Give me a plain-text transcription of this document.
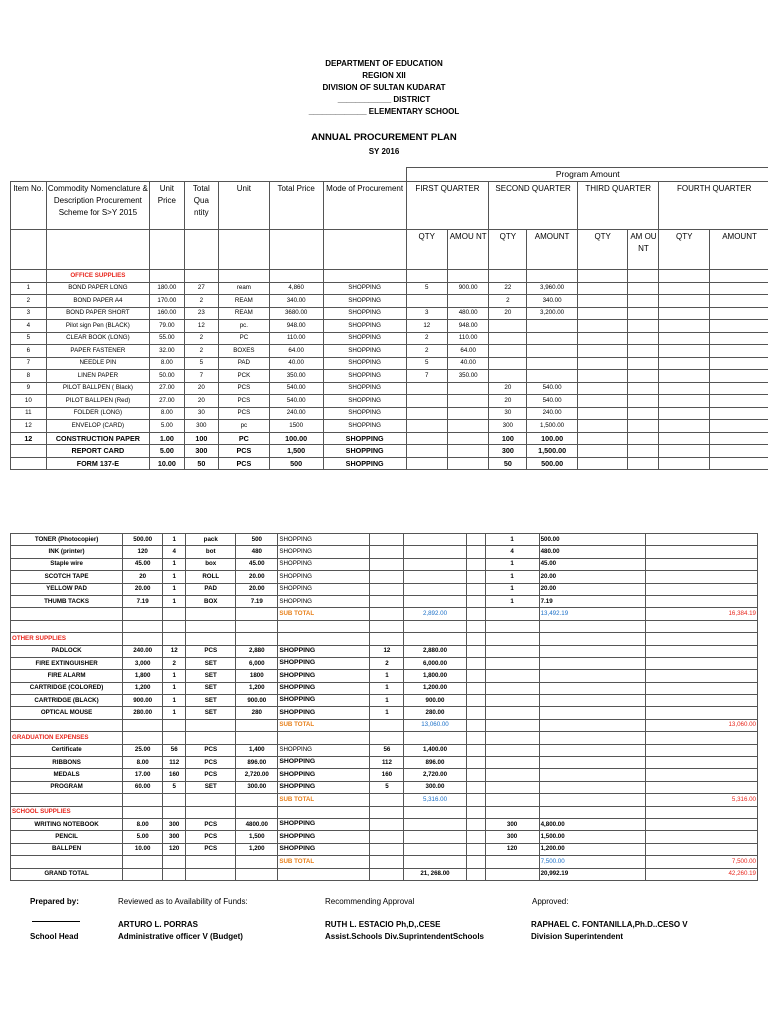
DEPARTMENT OF EDUCATION
REGION XII
DIVISION OF SULTAN KUDARAT
____________ DISTRICT
_____________ ELEMENTARY SCHOOL
ANNUAL PROCUREMENT PLAN
SY 2016
							Program Amount							
Item No.	Commodity Nomenclature & Description Procurement Scheme for S>Y 2015	Unit Price	Total Qua ntity	Unit	Total Price	Mode of Procurement	FIRST QUARTER		SECOND QUARTER		THIRD QUARTER		FOURTH QUARTER	
							QTY	AMOU NT	QTY	AMOUNT	QTY	AM OU NT	QTY	AMOUNT
	OFFICE SUPPLIES													
1	BOND PAPER LONG	180.00	27	ream	4,860	SHOPPING	5	900.00	22	3,960.00				
2	BOND PAPER A4	170.00	2	REAM	340.00	SHOPPING			2	340.00				
3	BOND PAPER SHORT	160.00	23	REAM	3680.00	SHOPPING	3	480.00	20	3,200.00				
4	Pilot sign Pen (BLACK)	79.00	12	pc.	948.00	SHOPPING	12	948.00						
5	CLEAR BOOK (LONG)	55.00	2	PC	110.00	SHOPPING	2	110.00						
6	PAPER FASTENER	32.00	2	BOXES	64.00	SHOPPING	2	64.00						
7	NEEDLE PIN	8.00	5	PAD	40.00	SHOPPING	5	40.00						
8	LINEN PAPER	50.00	7	PCK	350.00	SHOPPING	7	350.00						
9	PILOT BALLPEN ( Black)	27.00	20	PCS	540.00	SHOPPING			20	540.00				
10	PILOT BALLPEN (Red)	27.00	20	PCS	540.00	SHOPPING			20	540.00				
11	FOLDER (LONG)	8.00	30	PCS	240.00	SHOPPING			30	240.00				
12	ENVELOP (CARD)	5.00	300	pc	1500	SHOPPING			300	1,500.00				
12	CONSTRUCTION PAPER	1.00	100	PC	100.00	SHOPPING			100	100.00				
	REPORT CARD	5.00	300	PCS	1,500	SHOPPING			300	1,500.00				
	FORM 137-E	10.00	50	PCS	500	SHOPPING			50	500.00				
TONER (Photocopier)	500.00	1	pack	500	SHOPPING				1	500.00	
INK (printer)	120	4	bot	480	SHOPPING				4	480.00	
Staple wire	45.00	1	box	45.00	SHOPPING				1	45.00	
SCOTCH TAPE	20	1	ROLL	20.00	SHOPPING				1	20.00	
YELLOW PAD	20.00	1	PAD	20.00	SHOPPING				1	20.00	
THUMB TACKS	7.19	1	BOX	7.19	SHOPPING				1	7.19	
					SUB TOTAL		2,892.00			13,492.19	16,384.19

OTHER SUPPLIES											
PADLOCK	240.00	12	PCS	2,880	SHOPPING	12	2,880.00				
FIRE EXTINGUISHER	3,000	2	SET	6,000	SHOPPING	2	6,000.00				
FIRE ALARM	1,800	1	SET	1800	SHOPPING	1	1,800.00				
CARTRIDGE (COLORED)	1,200	1	SET	1,200	SHOPPING	1	1,200.00				
CARTRIDGE (BLACK)	900.00	1	SET	900.00	SHOPPING	1	900.00				
OPTICAL MOUSE	280.00	1	SET	280	SHOPPING	1	280.00				
					SUB TOTAL		13,060.00				13,060.00
GRADUATION EXPENSES											
Certificate	25.00	56	PCS	1,400	SHOPPING	56	1,400.00				
RIBBONS	8.00	112	PCS	896.00	SHOPPING	112	896.00				
MEDALS	17.00	160	PCS	2,720.00	SHOPPING	160	2,720.00				
PROGRAM	60.00	5	SET	300.00	SHOPPING	5	300.00				
					SUB TOTAL		5,316.00				5,316.00
SCHOOL SUPPLIES											
WRITING NOTEBOOK	8.00	300	PCS	4800.00	SHOPPING				300	4,800.00	
PENCIL	5.00	300	PCS	1,500	SHOPPING				300	1,500.00	
BALLPEN	10.00	120	PCS	1,200	SHOPPING				120	1,200.00	
					SUB TOTAL					7,500.00	7,500.00
GRAND TOTAL							21, 268.00			20,992.19	42,260.19
Prepared by:	Reviewed as to Availability of Funds:	Recommending Approval	Approved:
School Head
ARTURO L. PORRAS
Administrative officer V (Budget)
RUTH L. ESTACIO Ph,D,.CESE
Assist.Schools Div.SuprintendentSchools
RAPHAEL C. FONTANILLA,Ph.D..CESO V
Division Superintendent
